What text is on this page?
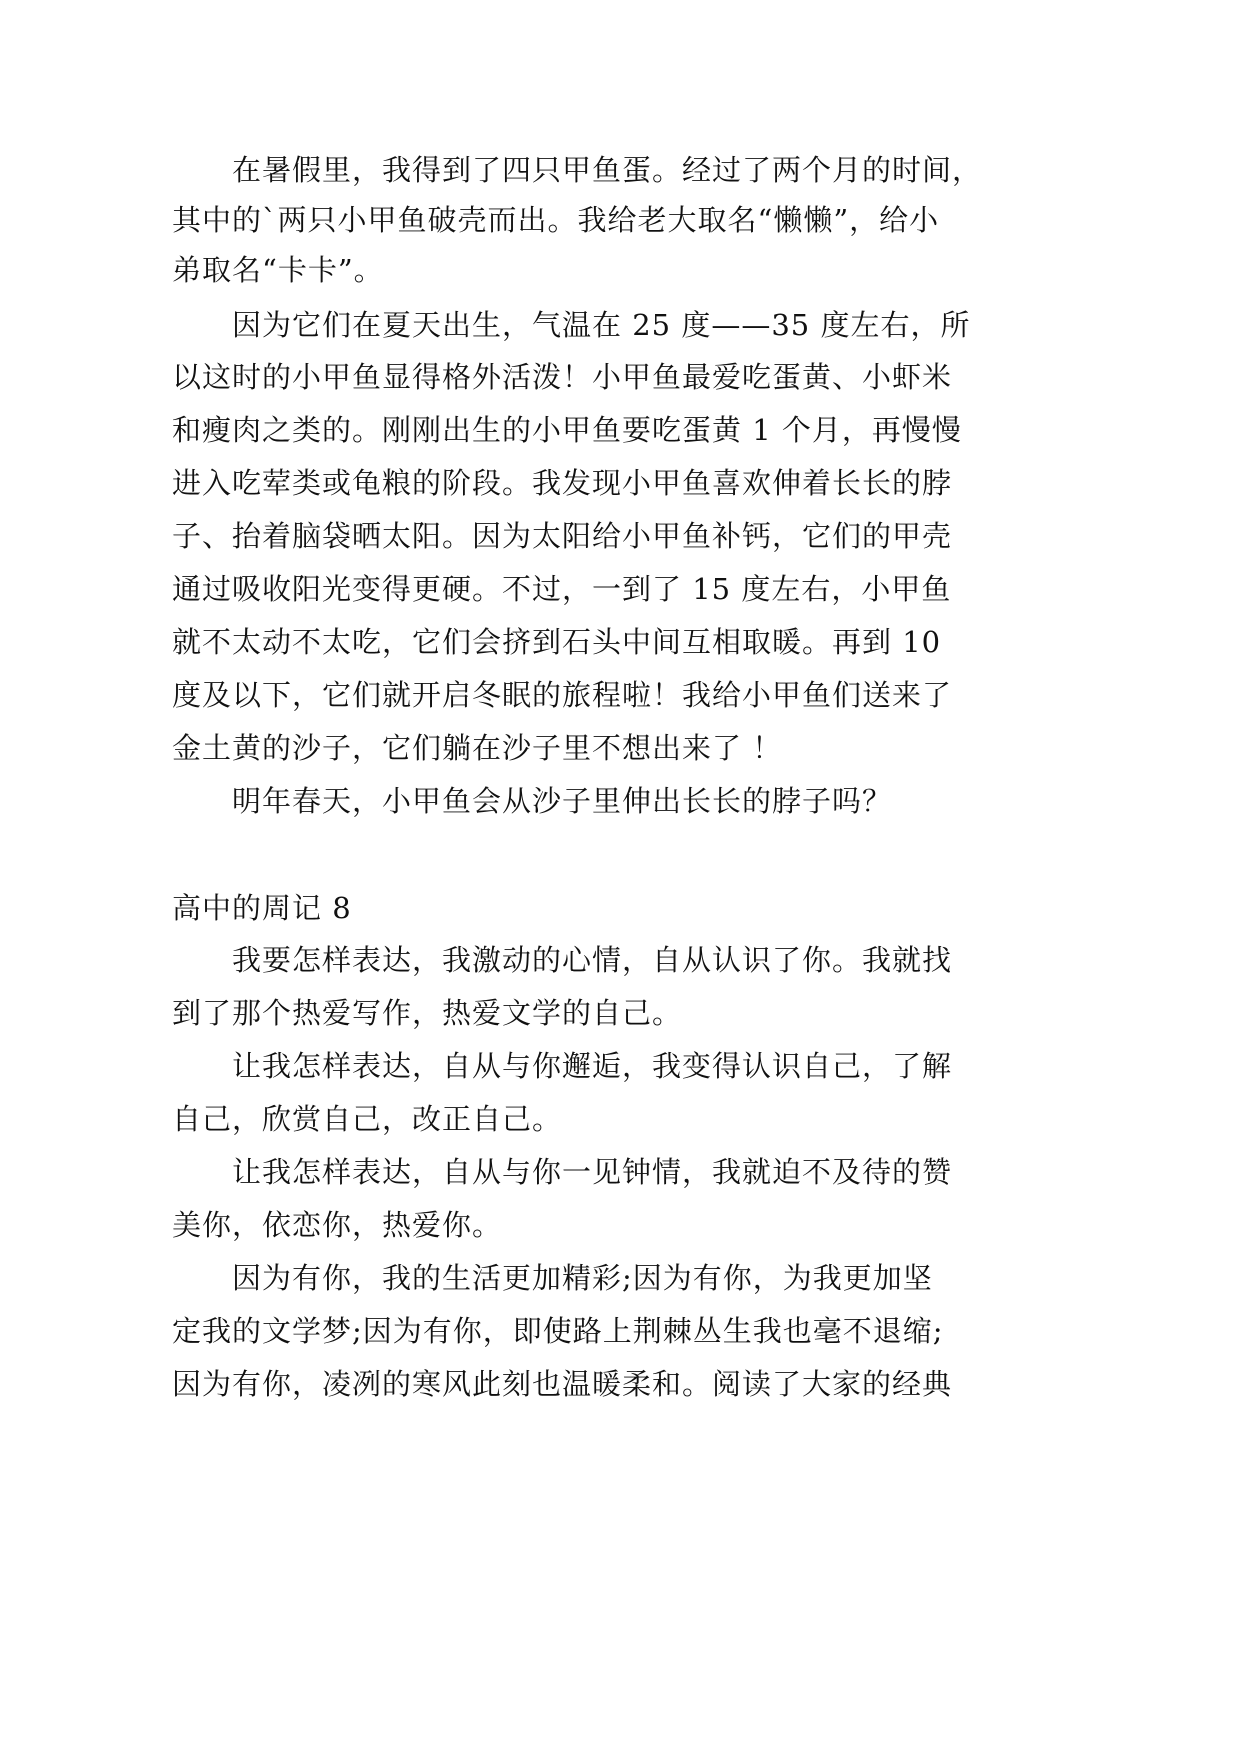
在暑假里，我得到了四只甲鱼蛋。经过了两个月的时间，
其中的`两只小甲鱼破壳而出。我给老大取名“懒懒”，给小
弟取名“卡卡”。
因为它们在夏天出生，气温在 25 度——35 度左右，所
以这时的小甲鱼显得格外活泼！小甲鱼最爱吃蛋黄、小虾米
和瘦肉之类的。刚刚出生的小甲鱼要吃蛋黄 1 个月，再慢慢
进入吃荤类或龟粮的阶段。我发现小甲鱼喜欢伸着长长的脖
子、抬着脑袋晒太阳。因为太阳给小甲鱼补钙，它们的甲壳
通过吸收阳光变得更硬。不过，一到了 15 度左右，小甲鱼
就不太动不太吃，它们会挤到石头中间互相取暖。再到 10
度及以下，它们就开启冬眠的旅程啦！我给小甲鱼们送来了
金土黄的沙子，它们躺在沙子里不想出来了 ！
明年春天，小甲鱼会从沙子里伸出长长的脖子吗？
高中的周记 8
我要怎样表达，我激动的心情，自从认识了你。我就找
到了那个热爱写作，热爱文学的自己。
让我怎样表达，自从与你邂逅，我变得认识自己，了解
自己，欣赏自己，改正自己。
让我怎样表达，自从与你一见钟情，我就迫不及待的赞
美你，依恋你，热爱你。
因为有你，我的生活更加精彩;因为有你，为我更加坚
定我的文学梦;因为有你，即使路上荆棘丛生我也毫不退缩;
因为有你，凌冽的寒风此刻也温暖柔和。阅读了大家的经典
